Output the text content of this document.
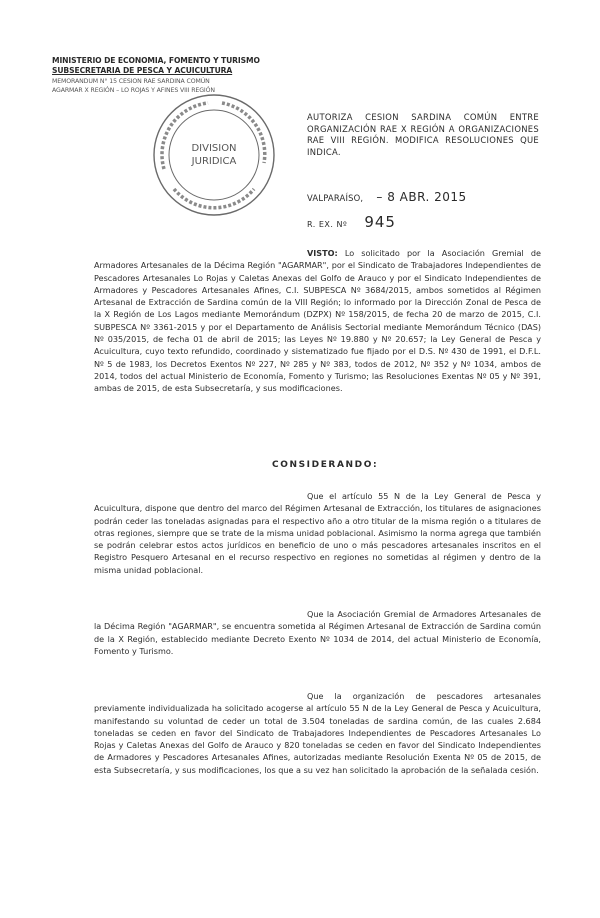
MINISTERIO DE ECONOMIA, FOMENTO Y TURISMO
SUBSECRETARIA DE PESCA Y ACUICULTURA
MEMORANDUM N° 15 CESION RAE SARDINA COMÚN
AGARMAR X REGIÓN – LO ROJAS Y AFINES VIII REGIÓN
DIVISION
JURIDICA
AUTORIZA CESION SARDINA COMÚN ENTRE ORGANIZACIÓN RAE X REGIÓN A ORGANIZACIONES RAE VIII REGIÓN. MODIFICA RESOLUCIONES QUE INDICA.
VALPARAÍSO, – 8 ABR. 2015
R. EX. Nº 945
VISTO: Lo solicitado por la Asociación Gremial de Armadores Artesanales de la Décima Región "AGARMAR", por el Sindicato de Trabajadores Independientes de Pescadores Artesanales Lo Rojas y Caletas Anexas del Golfo de Arauco y por el Sindicato Independientes de Armadores y Pescadores Artesanales Afines, C.I. SUBPESCA Nº 3684/2015, ambos sometidos al Régimen Artesanal de Extracción de Sardina común de la VIII Región; lo informado por la Dirección Zonal de Pesca de la X Región de Los Lagos mediante Memorándum (DZPX) Nº 158/2015, de fecha 20 de marzo de 2015, C.I. SUBPESCA Nº 3361-2015 y por el Departamento de Análisis Sectorial mediante Memorándum Técnico (DAS) Nº 035/2015, de fecha 01 de abril de 2015; las Leyes Nº 19.880 y Nº 20.657; la Ley General de Pesca y Acuicultura, cuyo texto refundido, coordinado y sistematizado fue fijado por el D.S. Nº 430 de 1991, el D.F.L. Nº 5 de 1983, los Decretos Exentos Nº 227, Nº 285 y Nº 383, todos de 2012, Nº 352 y Nº 1034, ambos de 2014, todos del actual Ministerio de Economía, Fomento y Turismo; las Resoluciones Exentas Nº 05 y Nº 391, ambas de 2015, de esta Subsecretaría, y sus modificaciones.
CONSIDERANDO:
Que el artículo 55 N de la Ley General de Pesca y Acuicultura, dispone que dentro del marco del Régimen Artesanal de Extracción, los titulares de asignaciones podrán ceder las toneladas asignadas para el respectivo año a otro titular de la misma región o a titulares de otras regiones, siempre que se trate de la misma unidad poblacional. Asimismo la norma agrega que también se podrán celebrar estos actos jurídicos en beneficio de uno o más pescadores artesanales inscritos en el Registro Pesquero Artesanal en el recurso respectivo en regiones no sometidas al régimen y dentro de la misma unidad poblacional.
Que la Asociación Gremial de Armadores Artesanales de la Décima Región "AGARMAR", se encuentra sometida al Régimen Artesanal de Extracción de Sardina común de la X Región, establecido mediante Decreto Exento Nº 1034 de 2014, del actual Ministerio de Economía, Fomento y Turismo.
Que la organización de pescadores artesanales previamente individualizada ha solicitado acogerse al artículo 55 N de la Ley General de Pesca y Acuicultura, manifestando su voluntad de ceder un total de 3.504 toneladas de sardina común, de las cuales 2.684 toneladas se ceden en favor del Sindicato de Trabajadores Independientes de Pescadores Artesanales Lo Rojas y Caletas Anexas del Golfo de Arauco y 820 toneladas se ceden en favor del Sindicato Independientes de Armadores y Pescadores Artesanales Afines, autorizadas mediante Resolución Exenta Nº 05 de 2015, de esta Subsecretaría, y sus modificaciones, los que a su vez han solicitado la aprobación de la señalada cesión.
